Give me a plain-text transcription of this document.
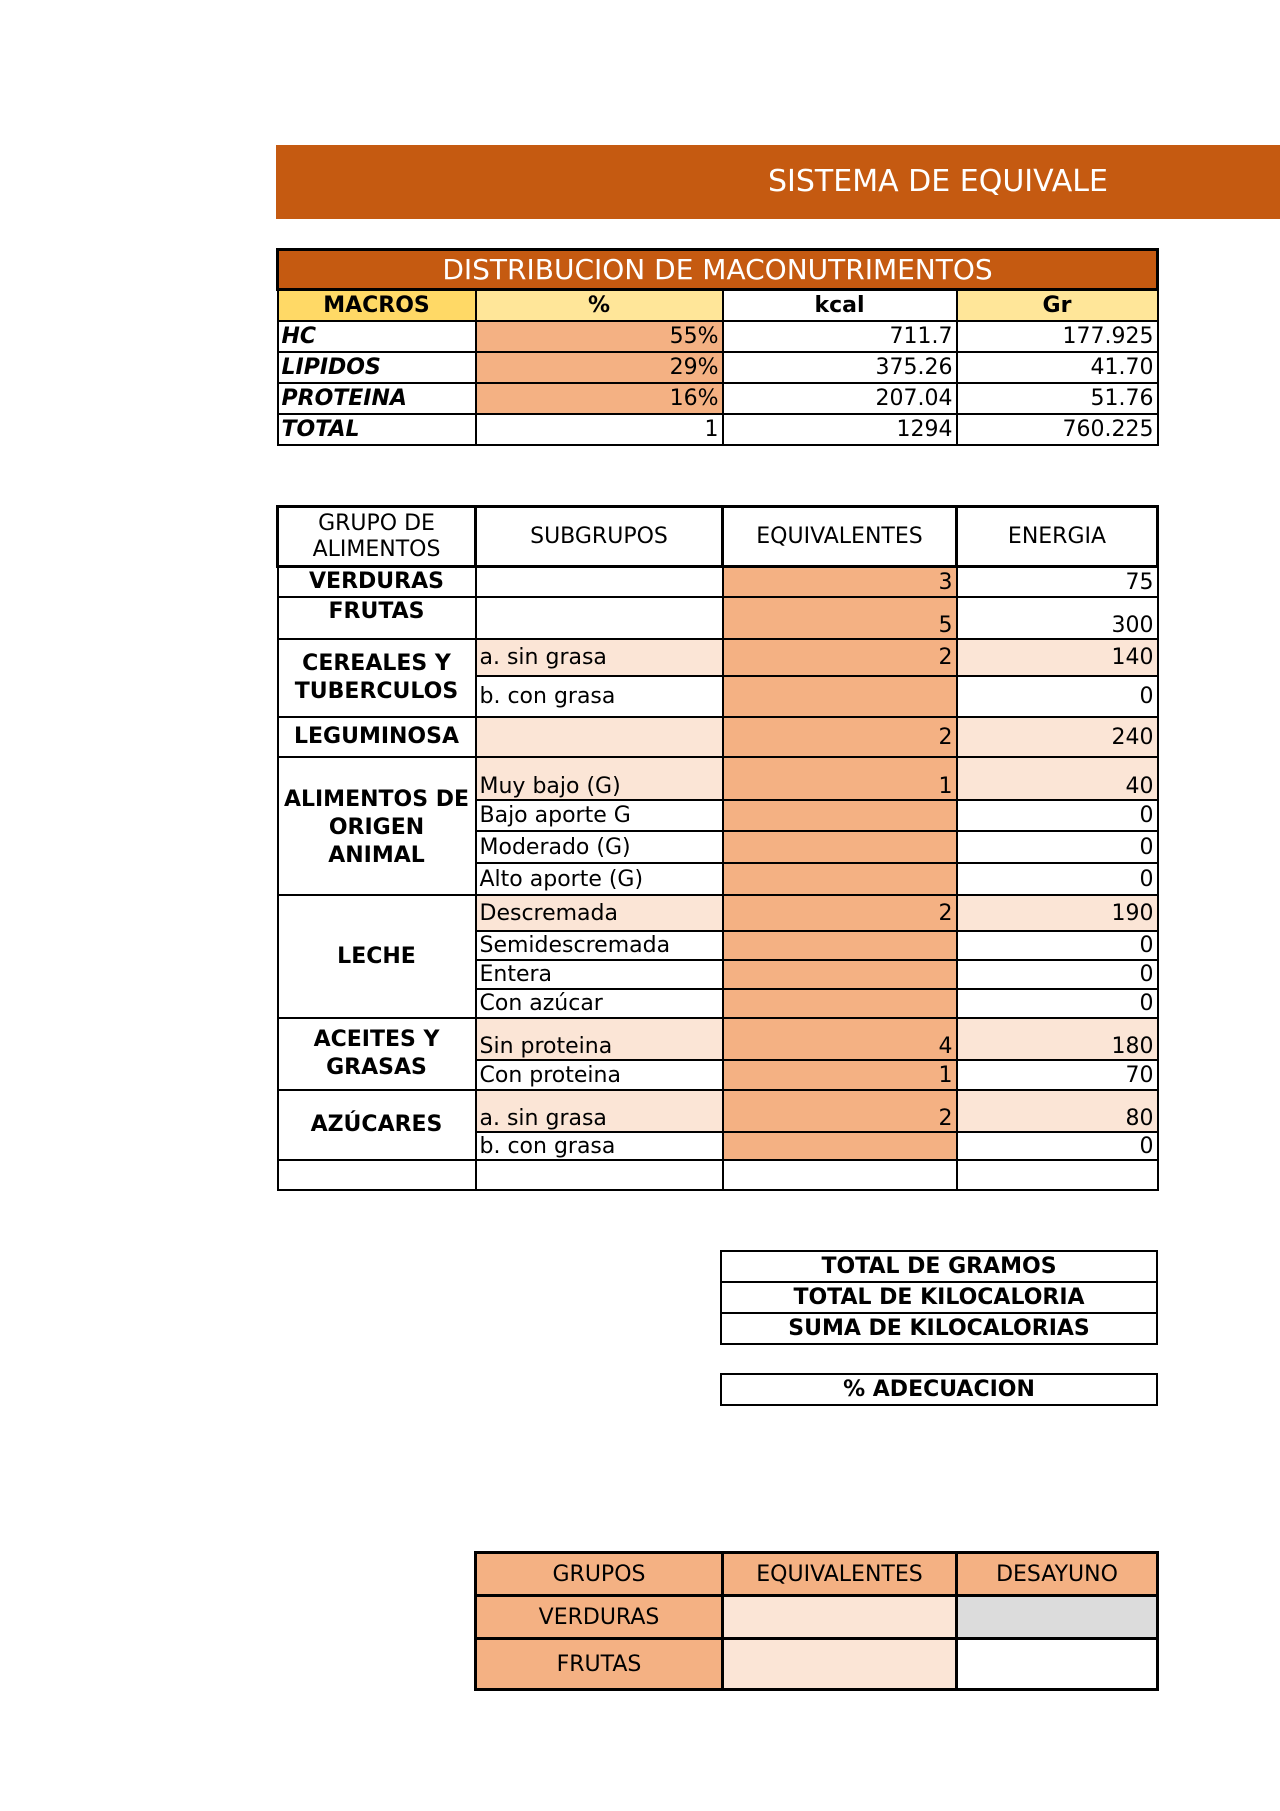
SISTEMA DE EQUIVALE
DISTRIBUCION DE MACONUTRIMENTOS			
MACROS	%	kcal	Gr
HC	55%	711.7	177.925
LIPIDOS	29%	375.26	41.70
PROTEINA	16%	207.04	51.76
TOTAL	1	1294	760.225
GRUPO DE ALIMENTOS	SUBGRUPOS	EQUIVALENTES	ENERGIA
VERDURAS		3	75
FRUTAS		5	300
CEREALES Y TUBERCULOS	a. sin grasa	2	140
	b. con grasa		0
LEGUMINOSA		2	240
ALIMENTOS DE ORIGEN ANIMAL	Muy bajo (G)	1	40
	Bajo aporte G		0
	Moderado (G)		0
	Alto aporte (G)		0
LECHE	Descremada	2	190
	Semidescremada		0
	Entera		0
	Con azúcar		0
ACEITES Y GRASAS	Sin proteina	4	180
	Con proteina	1	70
AZÚCARES	a. sin grasa	2	80
	b. con grasa		0

TOTAL DE GRAMOS
TOTAL DE KILOCALORIA
SUMA DE KILOCALORIAS
% ADECUACION
GRUPOS	EQUIVALENTES	DESAYUNO
VERDURAS		
FRUTAS		
